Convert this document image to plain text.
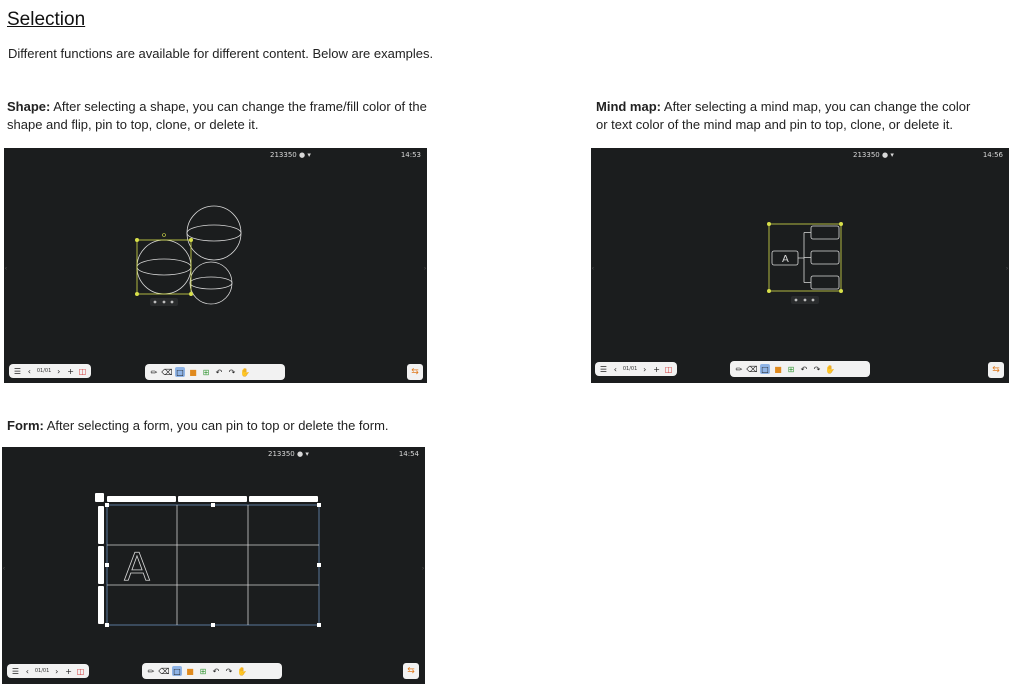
Selection
Different functions are available for different content. Below are examples.
Shape: After selecting a shape, you can change the frame/fill color of the shape and flip, pin to top, clone, or delete it.
Mind map: After selecting a mind map, you can change the color or text color of the mind map and pin to top, clone, or delete it.
Form: After selecting a form, you can pin to top or delete the form.
213350 ● ▾	14:53
‹	›
☰ ‹	01/01 › + ◫	✏ ⌫ □ ■ ⊞ ↶ ↷ ✋	⇆
213350 ● ▾	14:56
‹	›
A
☰ ‹	01/01 › + ◫	✏ ⌫ □ ■ ⊞ ↶ ↷ ✋	⇆
213350 ● ▾	14:54
‹	›
A
☰ ‹	01/01 › + ◫	✏ ⌫ □ ■ ⊞ ↶ ↷ ✋	⇆
